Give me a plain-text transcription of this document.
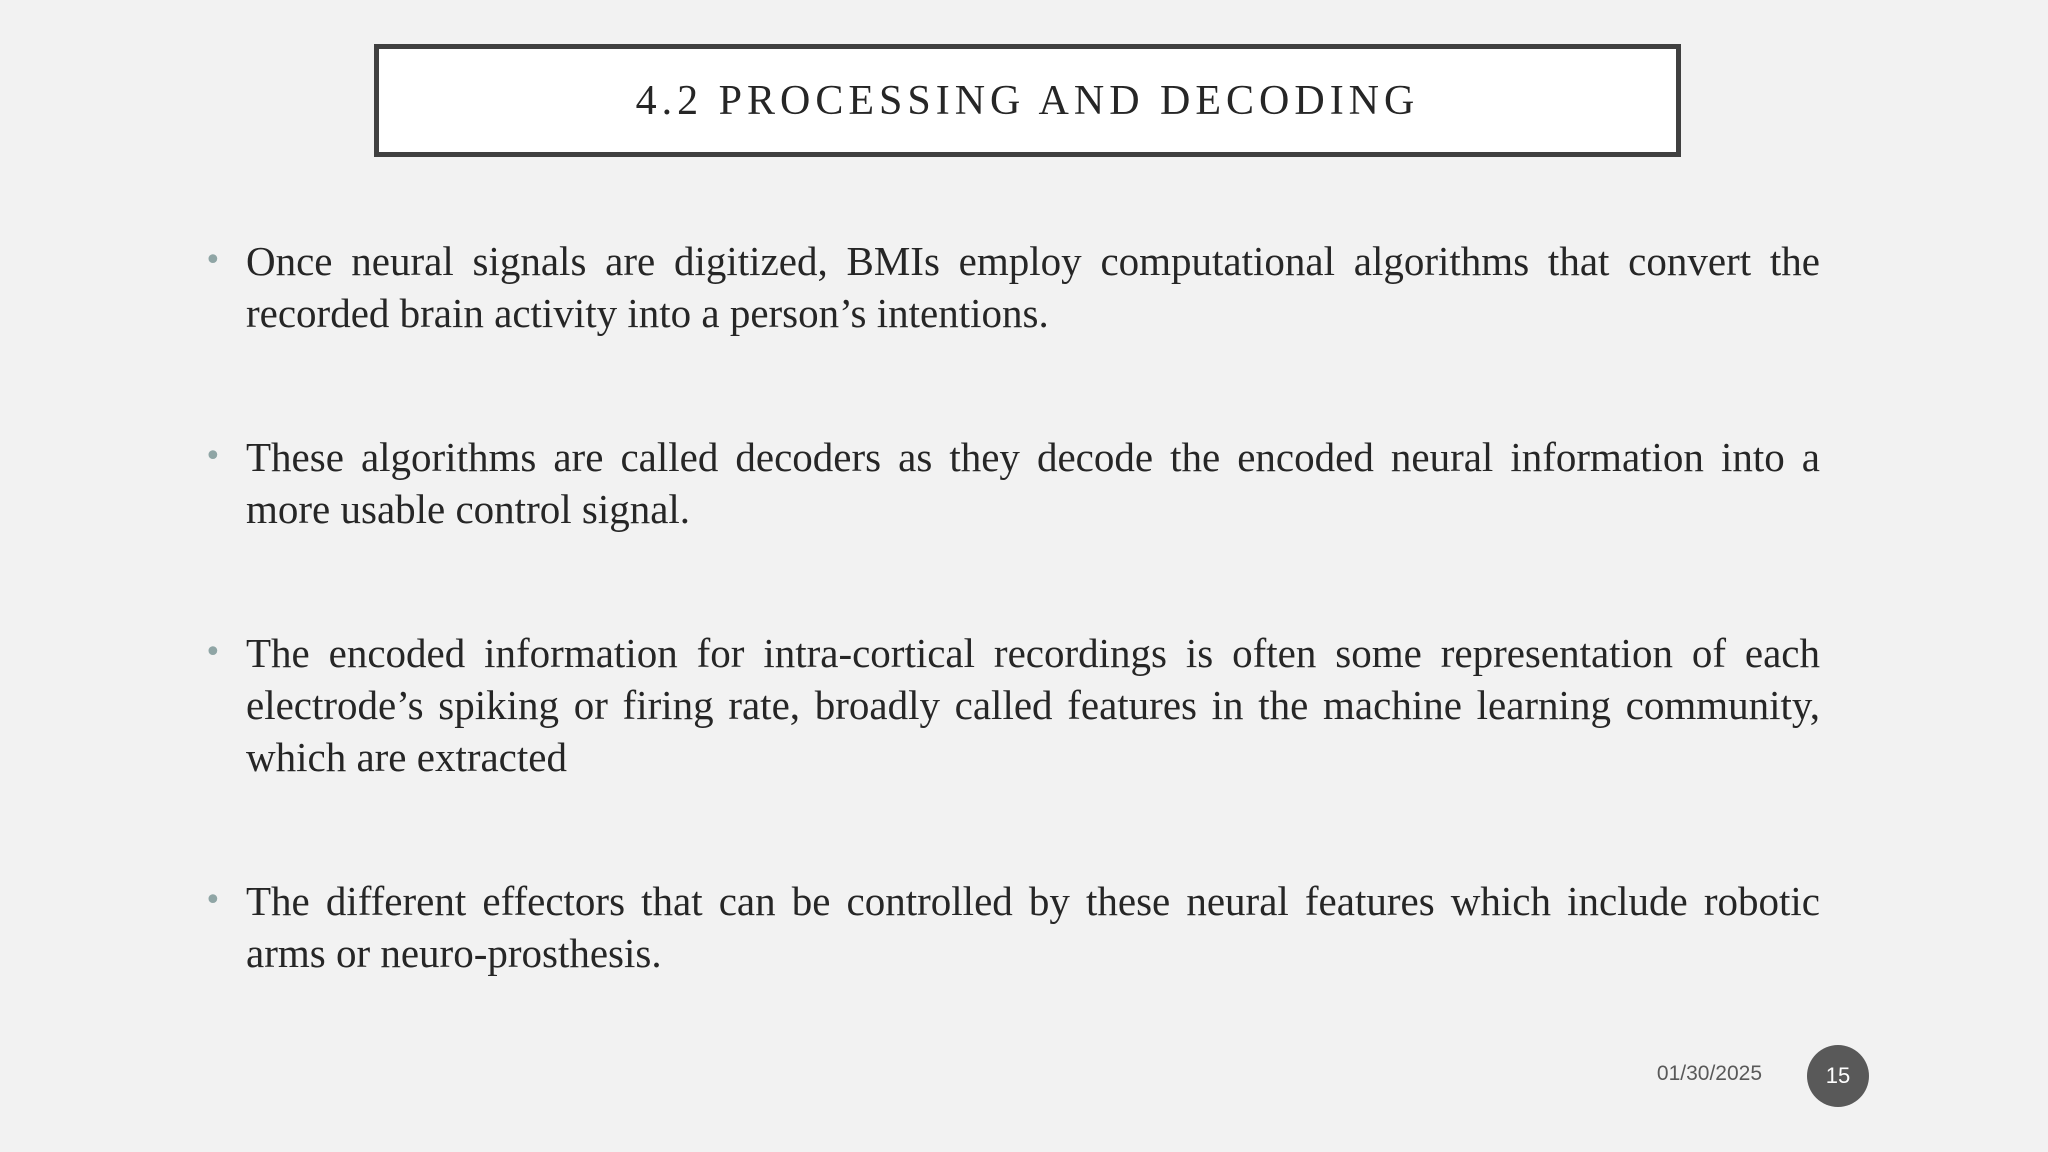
4.2 PROCESSING AND DECODING
• Once neural signals are digitized, BMIs employ computational algorithms that convert the recorded brain activity into a person’s intentions.
• These algorithms are called decoders as they decode the encoded neural information into a more usable control signal.
• The encoded information for intra-cortical recordings is often some representation of each electrode’s spiking or firing rate, broadly called features in the machine learning community, which are extracted
• The different effectors that can be controlled by these neural features which include robotic arms or neuro-prosthesis.
01/30/2025	15
